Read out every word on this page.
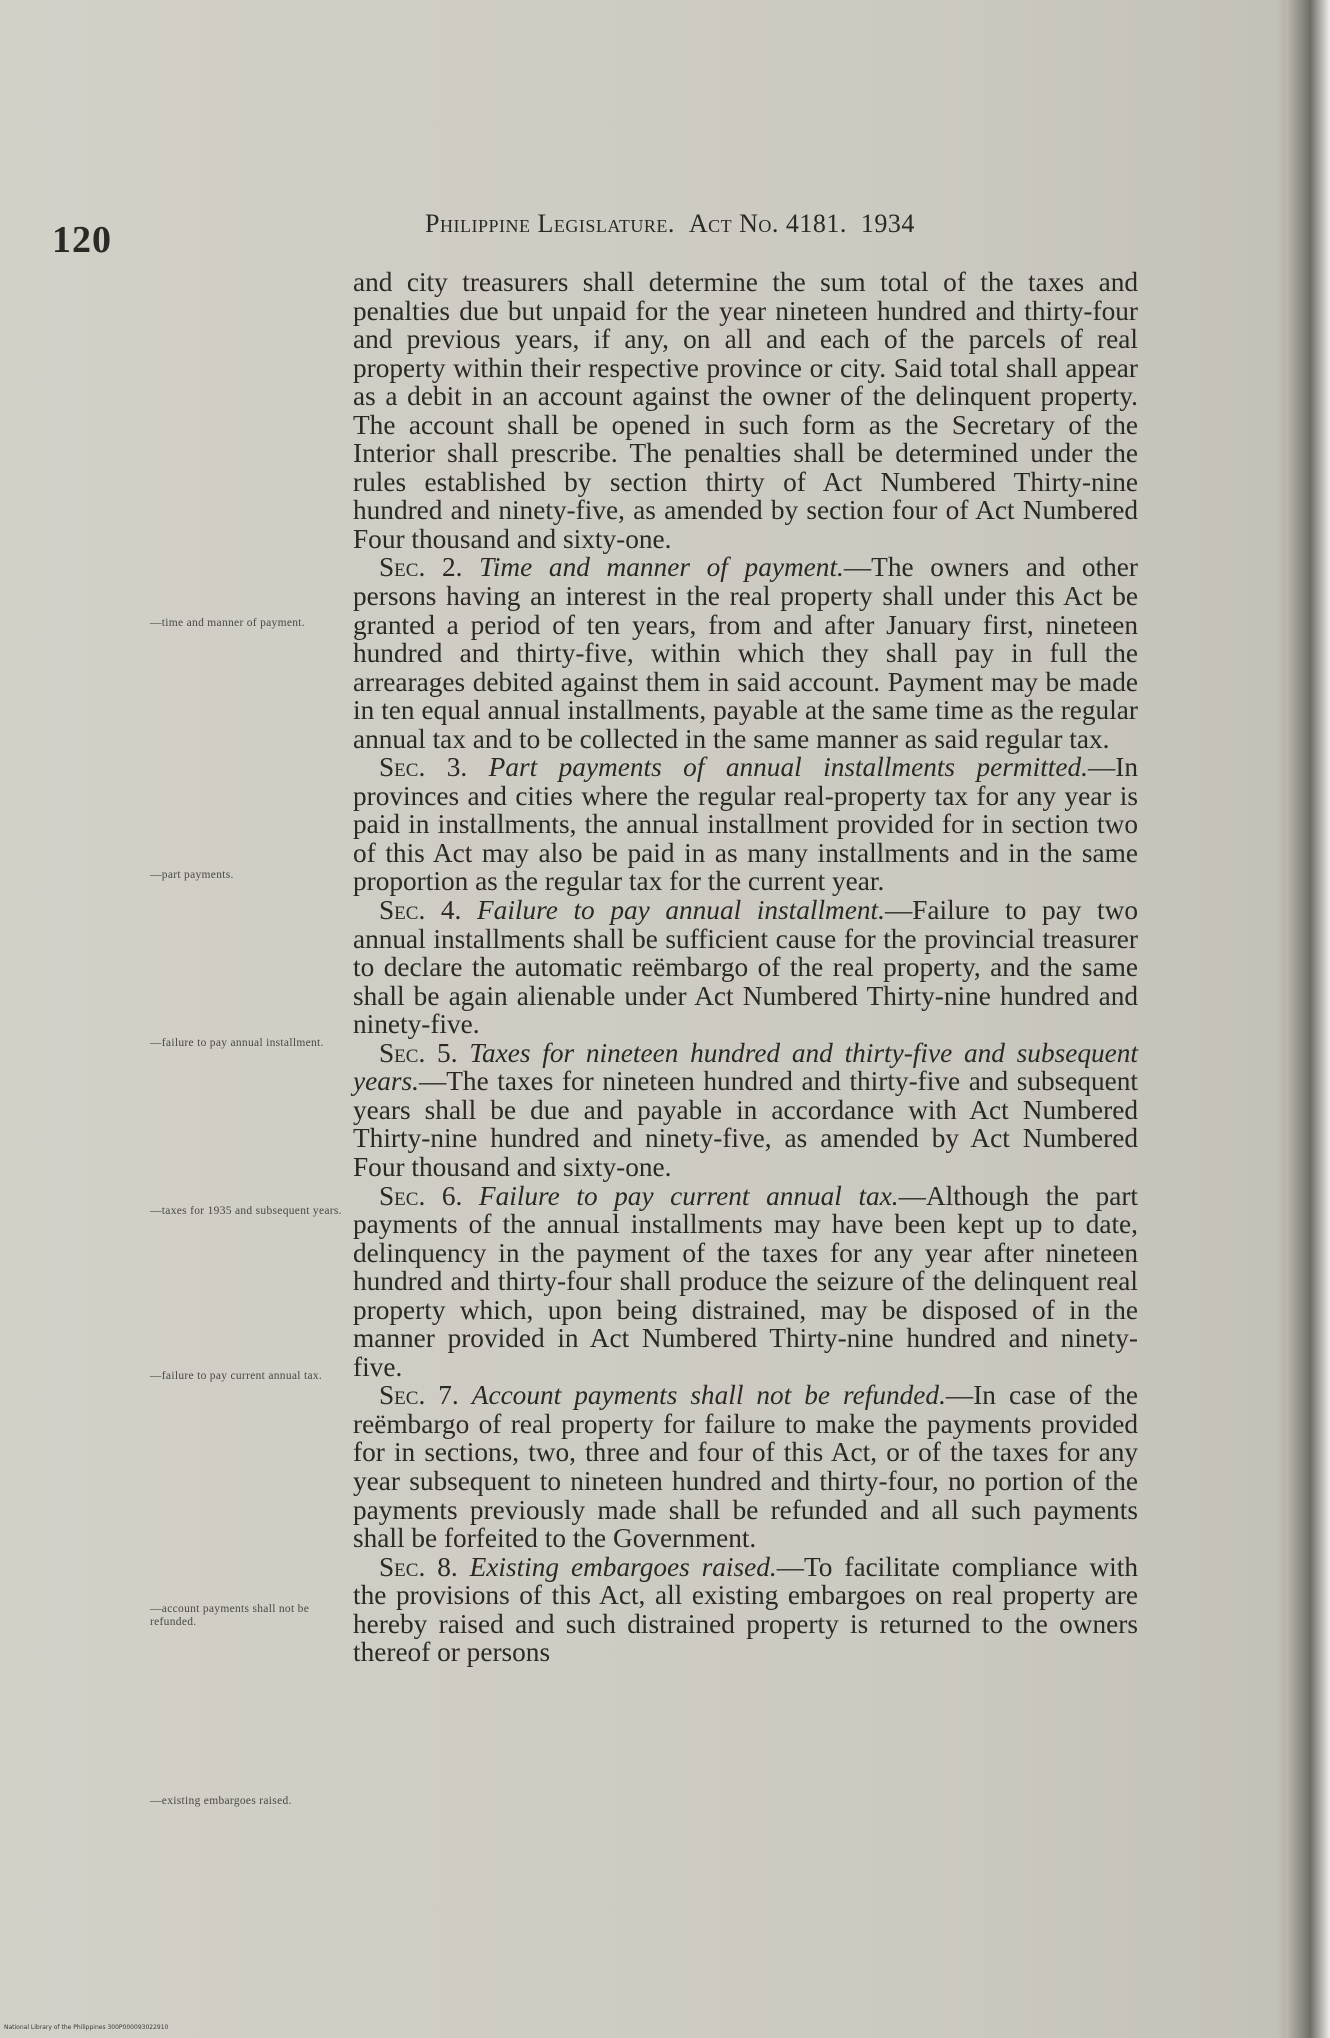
120	Philippine Legislature. Act No. 4181. 1934
—time and manner of payment.
—part payments.
—failure to pay annual installment.
—taxes for 1935 and subsequent years.
—failure to pay current annual tax.
—account payments shall not be refunded.
—existing embargoes raised.

and city treasurers shall determine the sum total of the taxes and penalties due but unpaid for the year nineteen hundred and thirty-four and previous years, if any, on all and each of the parcels of real property within their respective province or city. Said total shall appear as a debit in an account against the owner of the delinquent property. The account shall be opened in such form as the Secretary of the Interior shall prescribe. The penalties shall be determined under the rules established by section thirty of Act Numbered Thirty-nine hundred and ninety-five, as amended by section four of Act Numbered Four thousand and sixty-one.

Sec. 2. Time and manner of payment.—The owners and other persons having an interest in the real property shall under this Act be granted a period of ten years, from and after January first, nineteen hundred and thirty-five, within which they shall pay in full the arrearages debited against them in said account. Payment may be made in ten equal annual installments, payable at the same time as the regular annual tax and to be collected in the same manner as said regular tax.

Sec. 3. Part payments of annual installments permitted.—In provinces and cities where the regular real-property tax for any year is paid in installments, the annual installment provided for in section two of this Act may also be paid in as many installments and in the same proportion as the regular tax for the current year.

Sec. 4. Failure to pay annual installment.—Failure to pay two annual installments shall be sufficient cause for the provincial treasurer to declare the automatic reëmbargo of the real property, and the same shall be again alienable under Act Numbered Thirty-nine hundred and ninety-five.

Sec. 5. Taxes for nineteen hundred and thirty-five and subsequent years.—The taxes for nineteen hundred and thirty-five and subsequent years shall be due and payable in accordance with Act Numbered Thirty-nine hundred and ninety-five, as amended by Act Numbered Four thousand and sixty-one.

Sec. 6. Failure to pay current annual tax.—Although the part payments of the annual installments may have been kept up to date, delinquency in the payment of the taxes for any year after nineteen hundred and thirty-four shall produce the seizure of the delinquent real property which, upon being distrained, may be disposed of in the manner provided in Act Numbered Thirty-nine hundred and ninety-five.

Sec. 7. Account payments shall not be refunded.—In case of the reëmbargo of real property for failure to make the payments provided for in sections, two, three and four of this Act, or of the taxes for any year subsequent to nineteen hundred and thirty-four, no portion of the payments previously made shall be refunded and all such payments shall be forfeited to the Government.

Sec. 8. Existing embargoes raised.—To facilitate compliance with the provisions of this Act, all existing embargoes on real property are hereby raised and such distrained property is returned to the owners thereof or persons

National Library of the Philippines 300P000093022910
